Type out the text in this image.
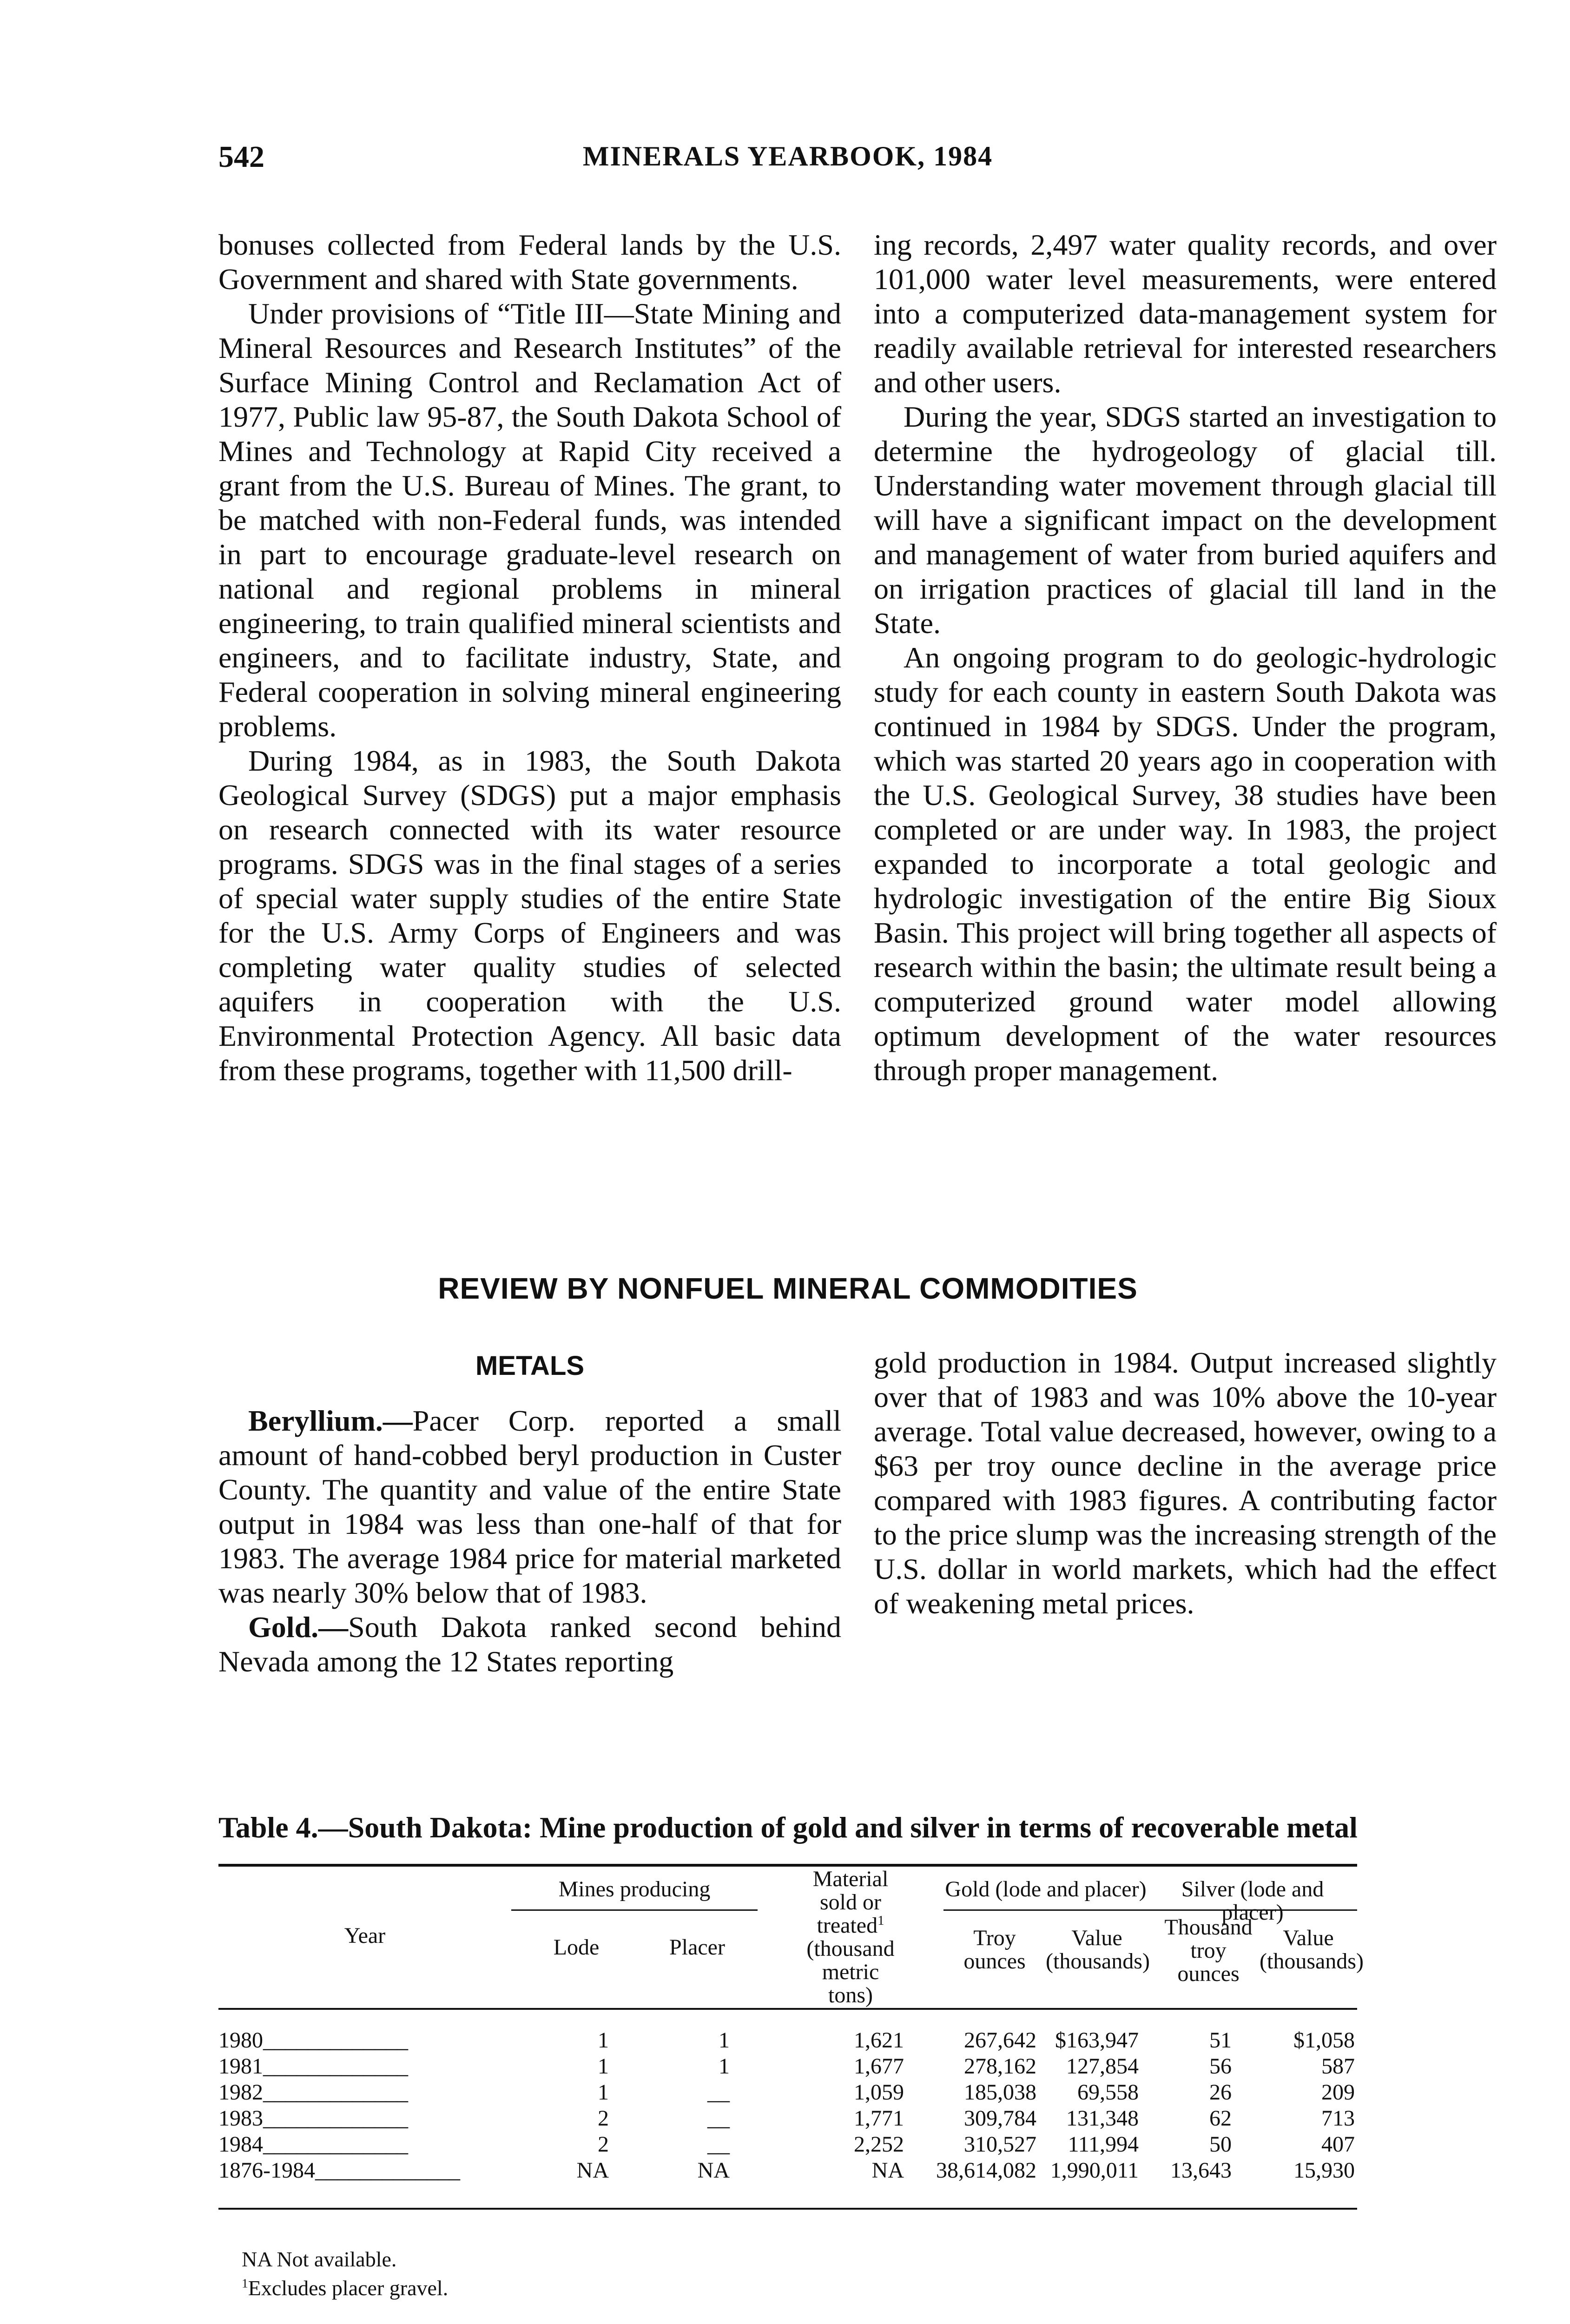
542	MINERALS YEARBOOK, 1984

bonuses collected from Federal lands by the U.S. Government and shared with State governments.

Under provisions of “Title III—State Mining and Mineral Resources and Research Institutes” of the Surface Mining Control and Reclamation Act of 1977, Public law 95-87, the South Dakota School of Mines and Technology at Rapid City received a grant from the U.S. Bureau of Mines. The grant, to be matched with non-Federal funds, was intended in part to encourage graduate-level research on national and regional problems in mineral engineering, to train qualified mineral scientists and engineers, and to facilitate industry, State, and Federal cooperation in solving mineral engineering problems.

During 1984, as in 1983, the South Dakota Geological Survey (SDGS) put a major emphasis on research connected with its water resource programs. SDGS was in the final stages of a series of special water supply studies of the entire State for the U.S. Army Corps of Engineers and was completing water quality studies of selected aquifers in cooperation with the U.S. Environmental Protection Agency. All basic data from these programs, together with 11,500 drill-

ing records, 2,497 water quality records, and over 101,000 water level measurements, were entered into a computerized data-management system for readily available retrieval for interested researchers and other users.

During the year, SDGS started an investigation to determine the hydrogeology of glacial till. Understanding water movement through glacial till will have a significant impact on the development and management of water from buried aquifers and on irrigation practices of glacial till land in the State.

An ongoing program to do geologic-hydrologic study for each county in eastern South Dakota was continued in 1984 by SDGS. Under the program, which was started 20 years ago in cooperation with the U.S. Geological Survey, 38 studies have been completed or are under way. In 1983, the project expanded to incorporate a total geologic and hydrologic investigation of the entire Big Sioux Basin. This project will bring together all aspects of research within the basin; the ultimate result being a computerized ground water model allowing optimum development of the water resources through proper management.

REVIEW BY NONFUEL MINERAL COMMODITIES
METALS

Beryllium.—Pacer Corp. reported a small amount of hand-cobbed beryl production in Custer County. The quantity and value of the entire State output in 1984 was less than one-half of that for 1983. The average 1984 price for material marketed was nearly 30% below that of 1983.

Gold.—South Dakota ranked second behind Nevada among the 12 States reporting

gold production in 1984. Output increased slightly over that of 1983 and was 10% above the 10-year average. Total value decreased, however, owing to a $63 per troy ounce decline in the average price compared with 1983 figures. A contributing factor to the price slump was the increasing strength of the U.S. dollar in world markets, which had the effect of weakening metal prices.

Table 4.—South Dakota: Mine production of gold and silver in terms of recoverable metal
Year
Mines producing
Lode	Placer
Material
sold or
treated$^1$
(thousand
metric
tons)
Gold (lode and placer)
Troy
ounces
Value
(thousands)
Silver (lode and placer)
Thousand
troy
ounces
Value
(thousands)
1980_____________	1	1	1,621	267,642 $163,947	51	$1,058
1981_____________	1	1	1,677	278,162	127,854	56	587
1982_____________	1	__	1,059	185,038	69,558	26	209
1983_____________	2	__	1,771	309,784	131,348	62	713
1984_____________	2	__	2,252	310,527	111,994	50	407
1876-1984_____________	NA	NA	NA	38,614,082 1,990,011	13,643	15,930
NA Not available.
$^1$Excludes placer gravel.
